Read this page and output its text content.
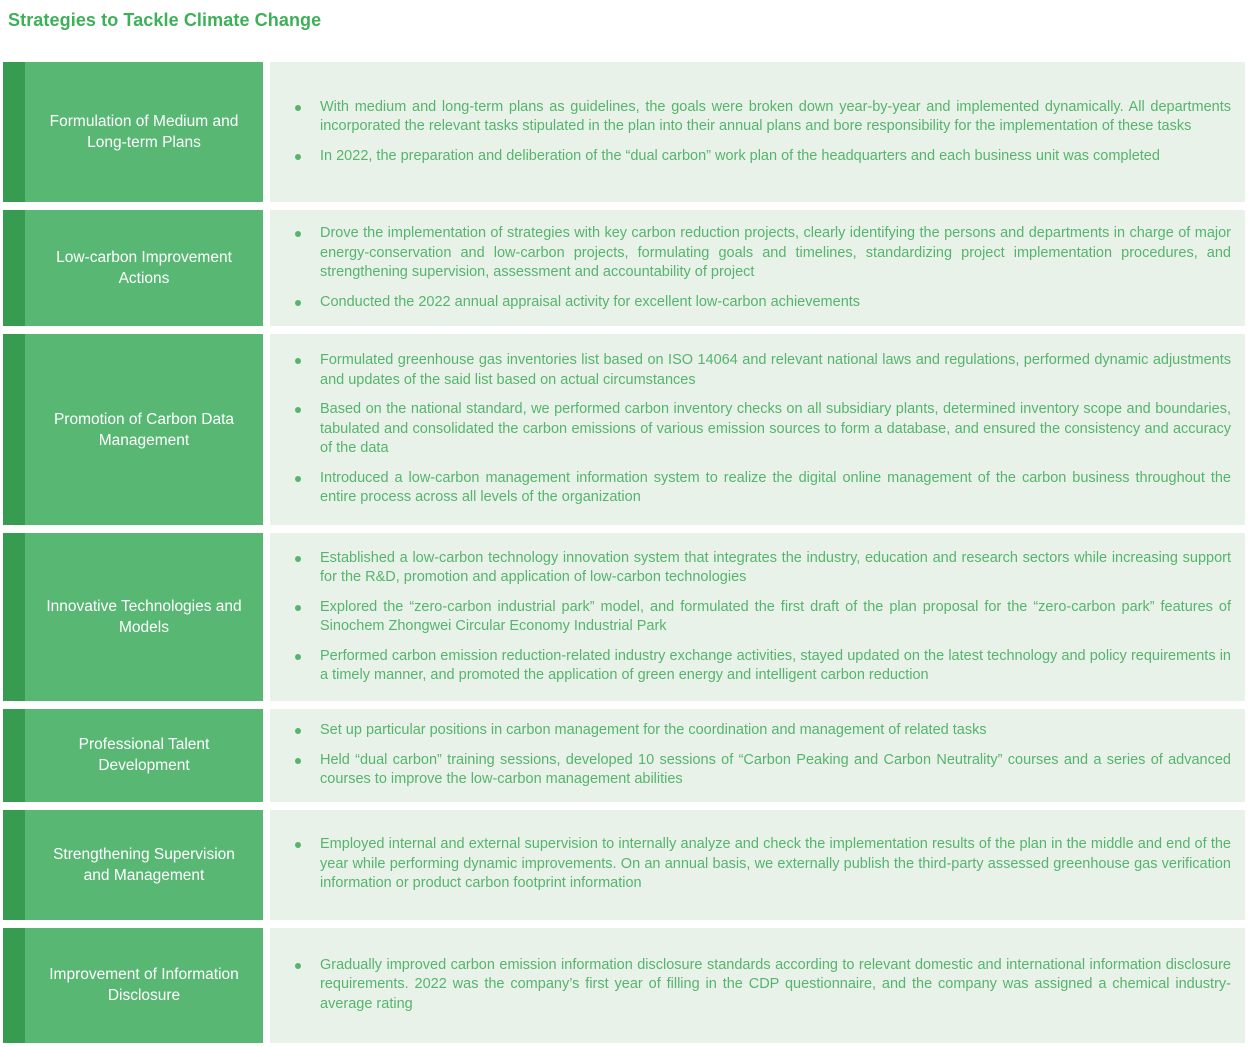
Strategies to Tackle Climate Change
Formulation of Medium and Long-term Plans
With medium and long-term plans as guidelines, the goals were broken down year-by-year and implemented dynamically. All departments incorporated the relevant tasks stipulated in the plan into their annual plans and bore responsibility for the implementation of these tasks
In 2022, the preparation and deliberation of the “dual carbon” work plan of the headquarters and each business unit was completed
Low-carbon Improvement Actions
Drove the implementation of strategies with key carbon reduction projects, clearly identifying the persons and departments in charge of major energy-conservation and low-carbon projects, formulating goals and timelines, standardizing project implementation procedures, and strengthening supervision, assessment and accountability of project
Conducted the 2022 annual appraisal activity for excellent low-carbon achievements
Promotion of Carbon Data Management
Formulated greenhouse gas inventories list based on ISO 14064 and relevant national laws and regulations, performed dynamic adjustments and updates of the said list based on actual circumstances
Based on the national standard, we performed carbon inventory checks on all subsidiary plants, determined inventory scope and boundaries, tabulated and consolidated the carbon emissions of various emission sources to form a database, and ensured the consistency and accuracy of the data
Introduced a low-carbon management information system to realize the digital online management of the carbon business throughout the entire process across all levels of the organization
Innovative Technologies and Models
Established a low-carbon technology innovation system that integrates the industry, education and research sectors while increasing support for the R&D, promotion and application of low-carbon technologies
Explored the “zero-carbon industrial park” model, and formulated the first draft of the plan proposal for the “zero-carbon park” features of Sinochem Zhongwei Circular Economy Industrial Park
Performed carbon emission reduction-related industry exchange activities, stayed updated on the latest technology and policy requirements in a timely manner, and promoted the application of green energy and intelligent carbon reduction
Professional Talent Development
Set up particular positions in carbon management for the coordination and management of related tasks
Held “dual carbon” training sessions, developed 10 sessions of “Carbon Peaking and Carbon Neutrality” courses and a series of advanced courses to improve the low-carbon management abilities
Strengthening Supervision and Management
Employed internal and external supervision to internally analyze and check the implementation results of the plan in the middle and end of the year while performing dynamic improvements. On an annual basis, we externally publish the third-party assessed greenhouse gas verification information or product carbon footprint information
Improvement of Information Disclosure
Gradually improved carbon emission information disclosure standards according to relevant domestic and international information disclosure requirements. 2022 was the company’s first year of filling in the CDP questionnaire, and the company was assigned a chemical industry-average rating
